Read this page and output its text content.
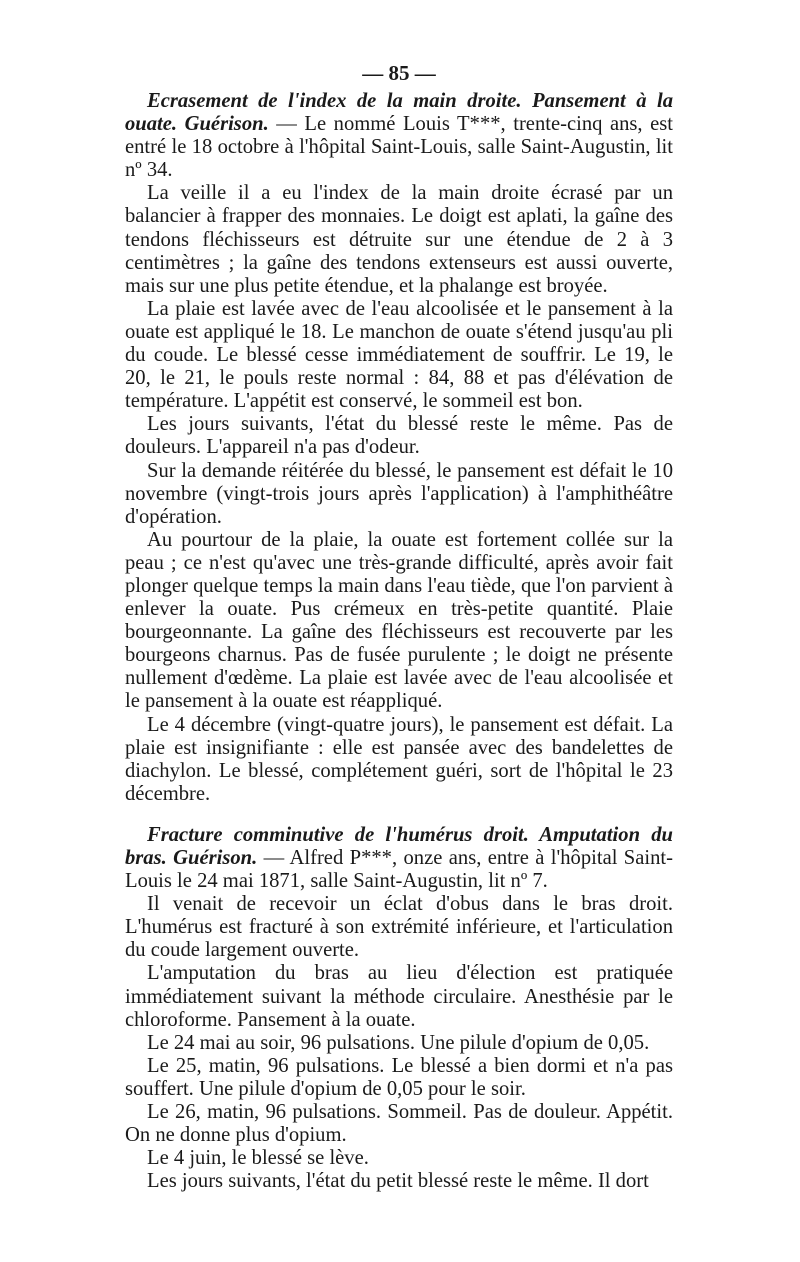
— 85 —

Ecrasement de l'index de la main droite. Pansement à la ouate. Guérison. — Le nommé Louis T***, trente-cinq ans, est entré le 18 octobre à l'hôpital Saint-Louis, salle Saint-Augustin, lit nº 34.

La veille il a eu l'index de la main droite écrasé par un balancier à frapper des monnaies. Le doigt est aplati, la gaîne des tendons fléchisseurs est détruite sur une étendue de 2 à 3 centimètres ; la gaîne des tendons extenseurs est aussi ouverte, mais sur une plus petite étendue, et la phalange est broyée.

La plaie est lavée avec de l'eau alcoolisée et le pansement à la ouate est appliqué le 18. Le manchon de ouate s'étend jusqu'au pli du coude. Le blessé cesse immédiatement de souffrir. Le 19, le 20, le 21, le pouls reste normal : 84, 88 et pas d'élévation de température. L'appétit est conservé, le sommeil est bon.

Les jours suivants, l'état du blessé reste le même. Pas de douleurs. L'appareil n'a pas d'odeur.

Sur la demande réitérée du blessé, le pansement est défait le 10 novembre (vingt-trois jours après l'application) à l'amphithéâtre d'opération.

Au pourtour de la plaie, la ouate est fortement collée sur la peau ; ce n'est qu'avec une très-grande difficulté, après avoir fait plonger quelque temps la main dans l'eau tiède, que l'on parvient à enlever la ouate. Pus crémeux en très-petite quantité. Plaie bourgeonnante. La gaîne des fléchisseurs est recouverte par les bourgeons charnus. Pas de fusée purulente ; le doigt ne présente nullement d'œdème. La plaie est lavée avec de l'eau alcoolisée et le pansement à la ouate est réappliqué.

Le 4 décembre (vingt-quatre jours), le pansement est défait. La plaie est insignifiante : elle est pansée avec des bandelettes de diachylon. Le blessé, complétement guéri, sort de l'hôpital le 23 décembre.

Fracture comminutive de l'humérus droit. Amputation du bras. Guérison. — Alfred P***, onze ans, entre à l'hôpital Saint-Louis le 24 mai 1871, salle Saint-Augustin, lit nº 7.

Il venait de recevoir un éclat d'obus dans le bras droit. L'humérus est fracturé à son extrémité inférieure, et l'articulation du coude largement ouverte.

L'amputation du bras au lieu d'élection est pratiquée immédiatement suivant la méthode circulaire. Anesthésie par le chloroforme. Pansement à la ouate.

Le 24 mai au soir, 96 pulsations. Une pilule d'opium de 0,05.

Le 25, matin, 96 pulsations. Le blessé a bien dormi et n'a pas souffert. Une pilule d'opium de 0,05 pour le soir.

Le 26, matin, 96 pulsations. Sommeil. Pas de douleur. Appétit. On ne donne plus d'opium.

Le 4 juin, le blessé se lève.

Les jours suivants, l'état du petit blessé reste le même. Il dort
